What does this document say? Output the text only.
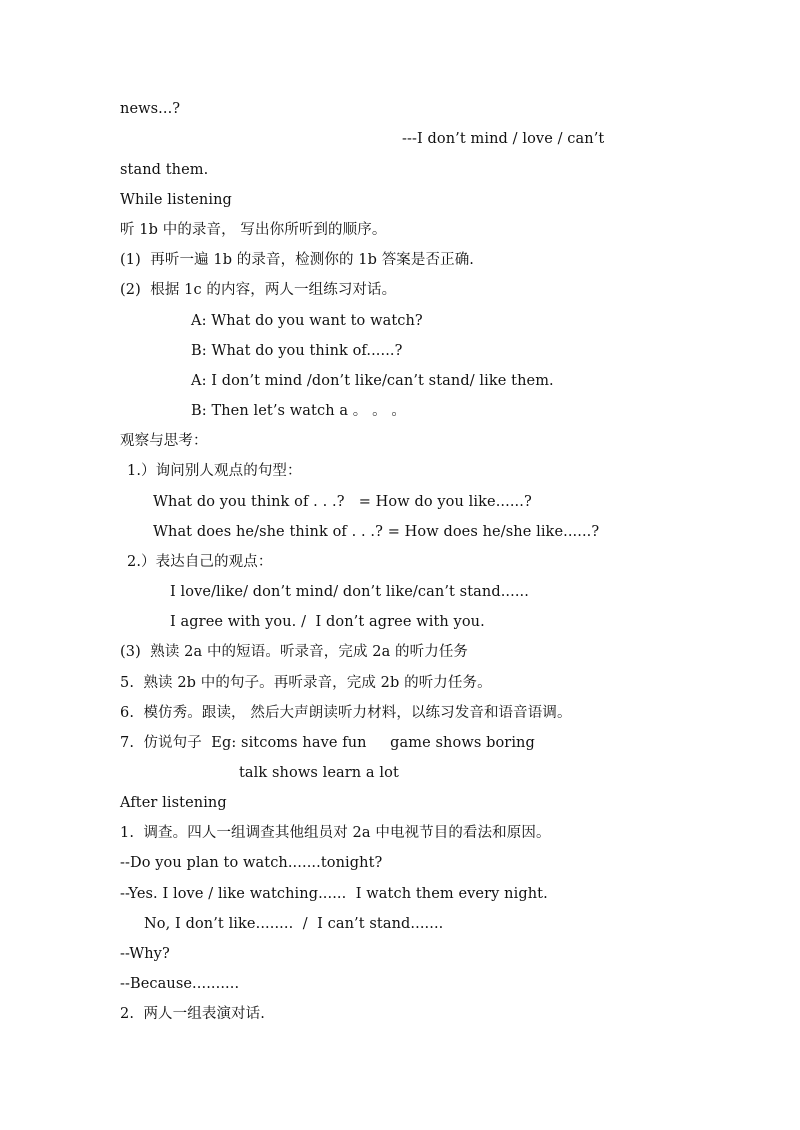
news...?
---I don’t mind / love / can’t
stand them.
While listening
听 1b 中的录音， 写出你所听到的顺序。
(1)  再听一遍 1b 的录音，检测你的 1b 答案是否正确.
(2)  根据 1c 的内容，两人一组练习对话。
A: What do you want to watch?
B: What do you think of......?
A: I don’t mind /don’t like/can’t stand/ like them.
B: Then let’s watch a 。 。 。
观察与思考：
1.）询问别人观点的句型：
What do you think of . . .?   = How do you like......?
What does he/she think of . . .? = How does he/she like......?
2.）表达自己的观点：
I love/like/ don’t mind/ don’t like/can’t stand......
I agree with you. /  I don’t agree with you.
(3)  熟读 2a 中的短语。听录音，完成 2a 的听力任务
5.  熟读 2b 中的句子。再听录音，完成 2b 的听力任务。
6.  模仿秀。跟读， 然后大声朗读听力材料，以练习发音和语音语调。
7.  仿说句子  Eg: sitcoms have fun     game shows boring
talk shows learn a lot
After listening
1.  调查。四人一组调查其他组员对 2a 中电视节目的看法和原因。
--Do you plan to watch.......tonight?
--Yes. I love / like watching......  I watch them every night.
No, I don’t like........  /  I can’t stand.......
--Why?
--Because..........
2.  两人一组表演对话.
